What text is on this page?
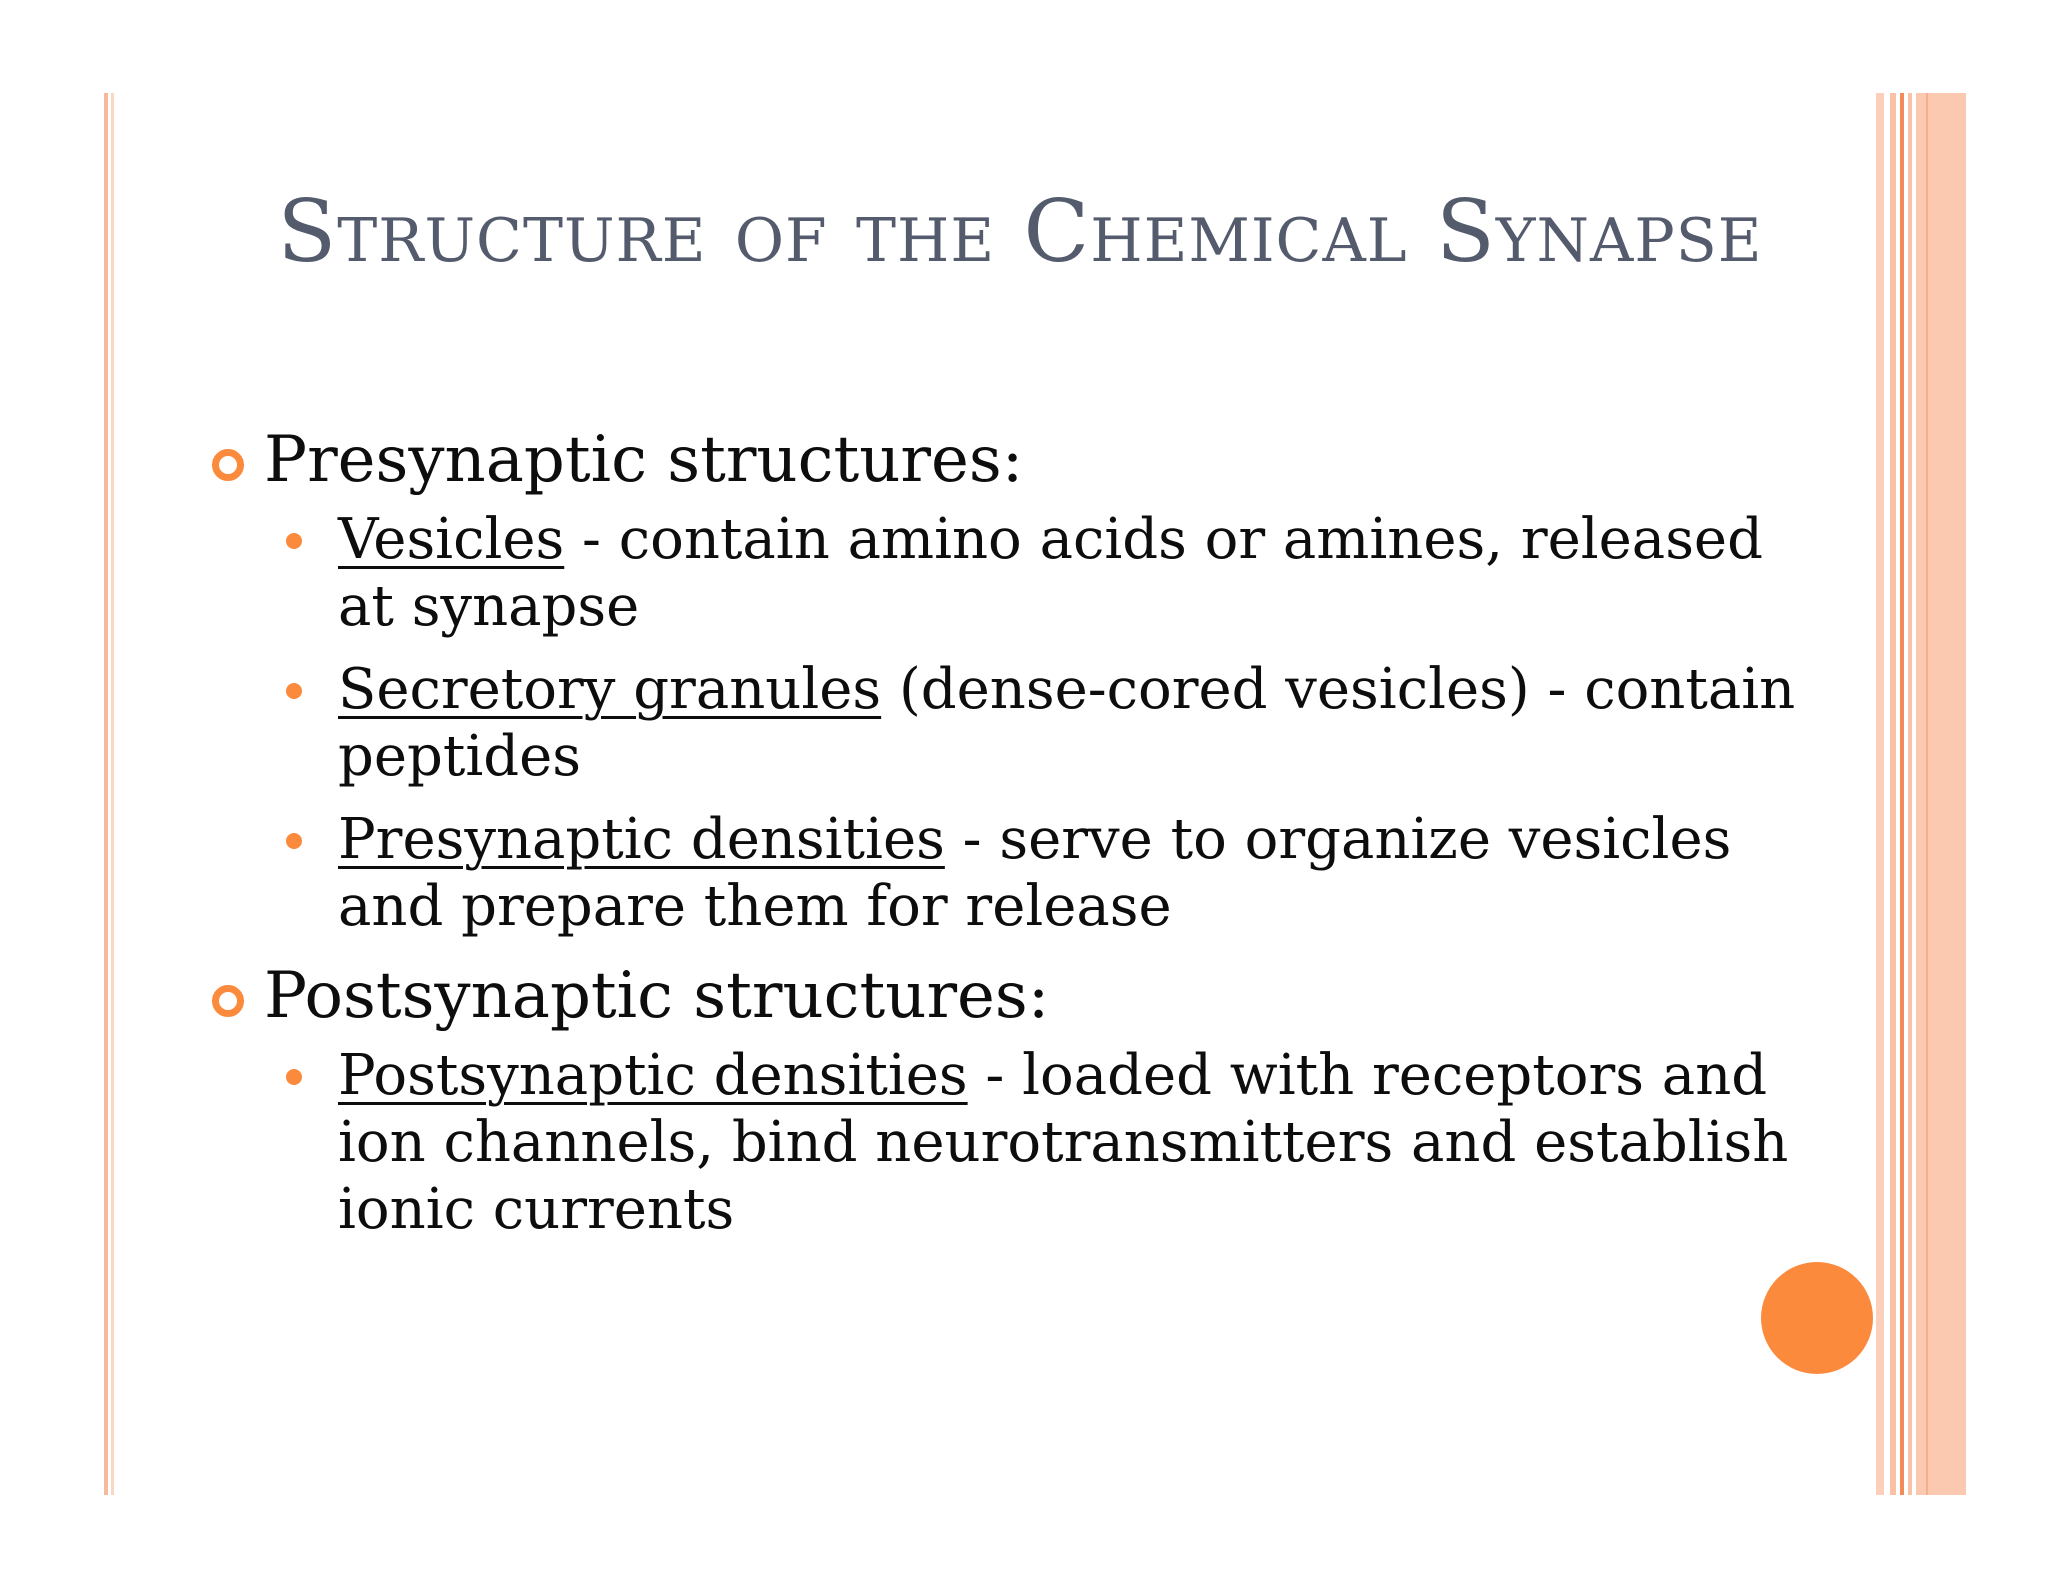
Structure of the Chemical Synapse

Presynaptic structures:

Vesicles - contain amino acids or amines, released at synapse

Secretory granules (dense-cored vesicles) - contain peptides

Presynaptic densities - serve to organize vesicles and prepare them for release

Postsynaptic structures:

Postsynaptic densities - loaded with receptors and ion channels, bind neurotransmitters and establish ionic currents
